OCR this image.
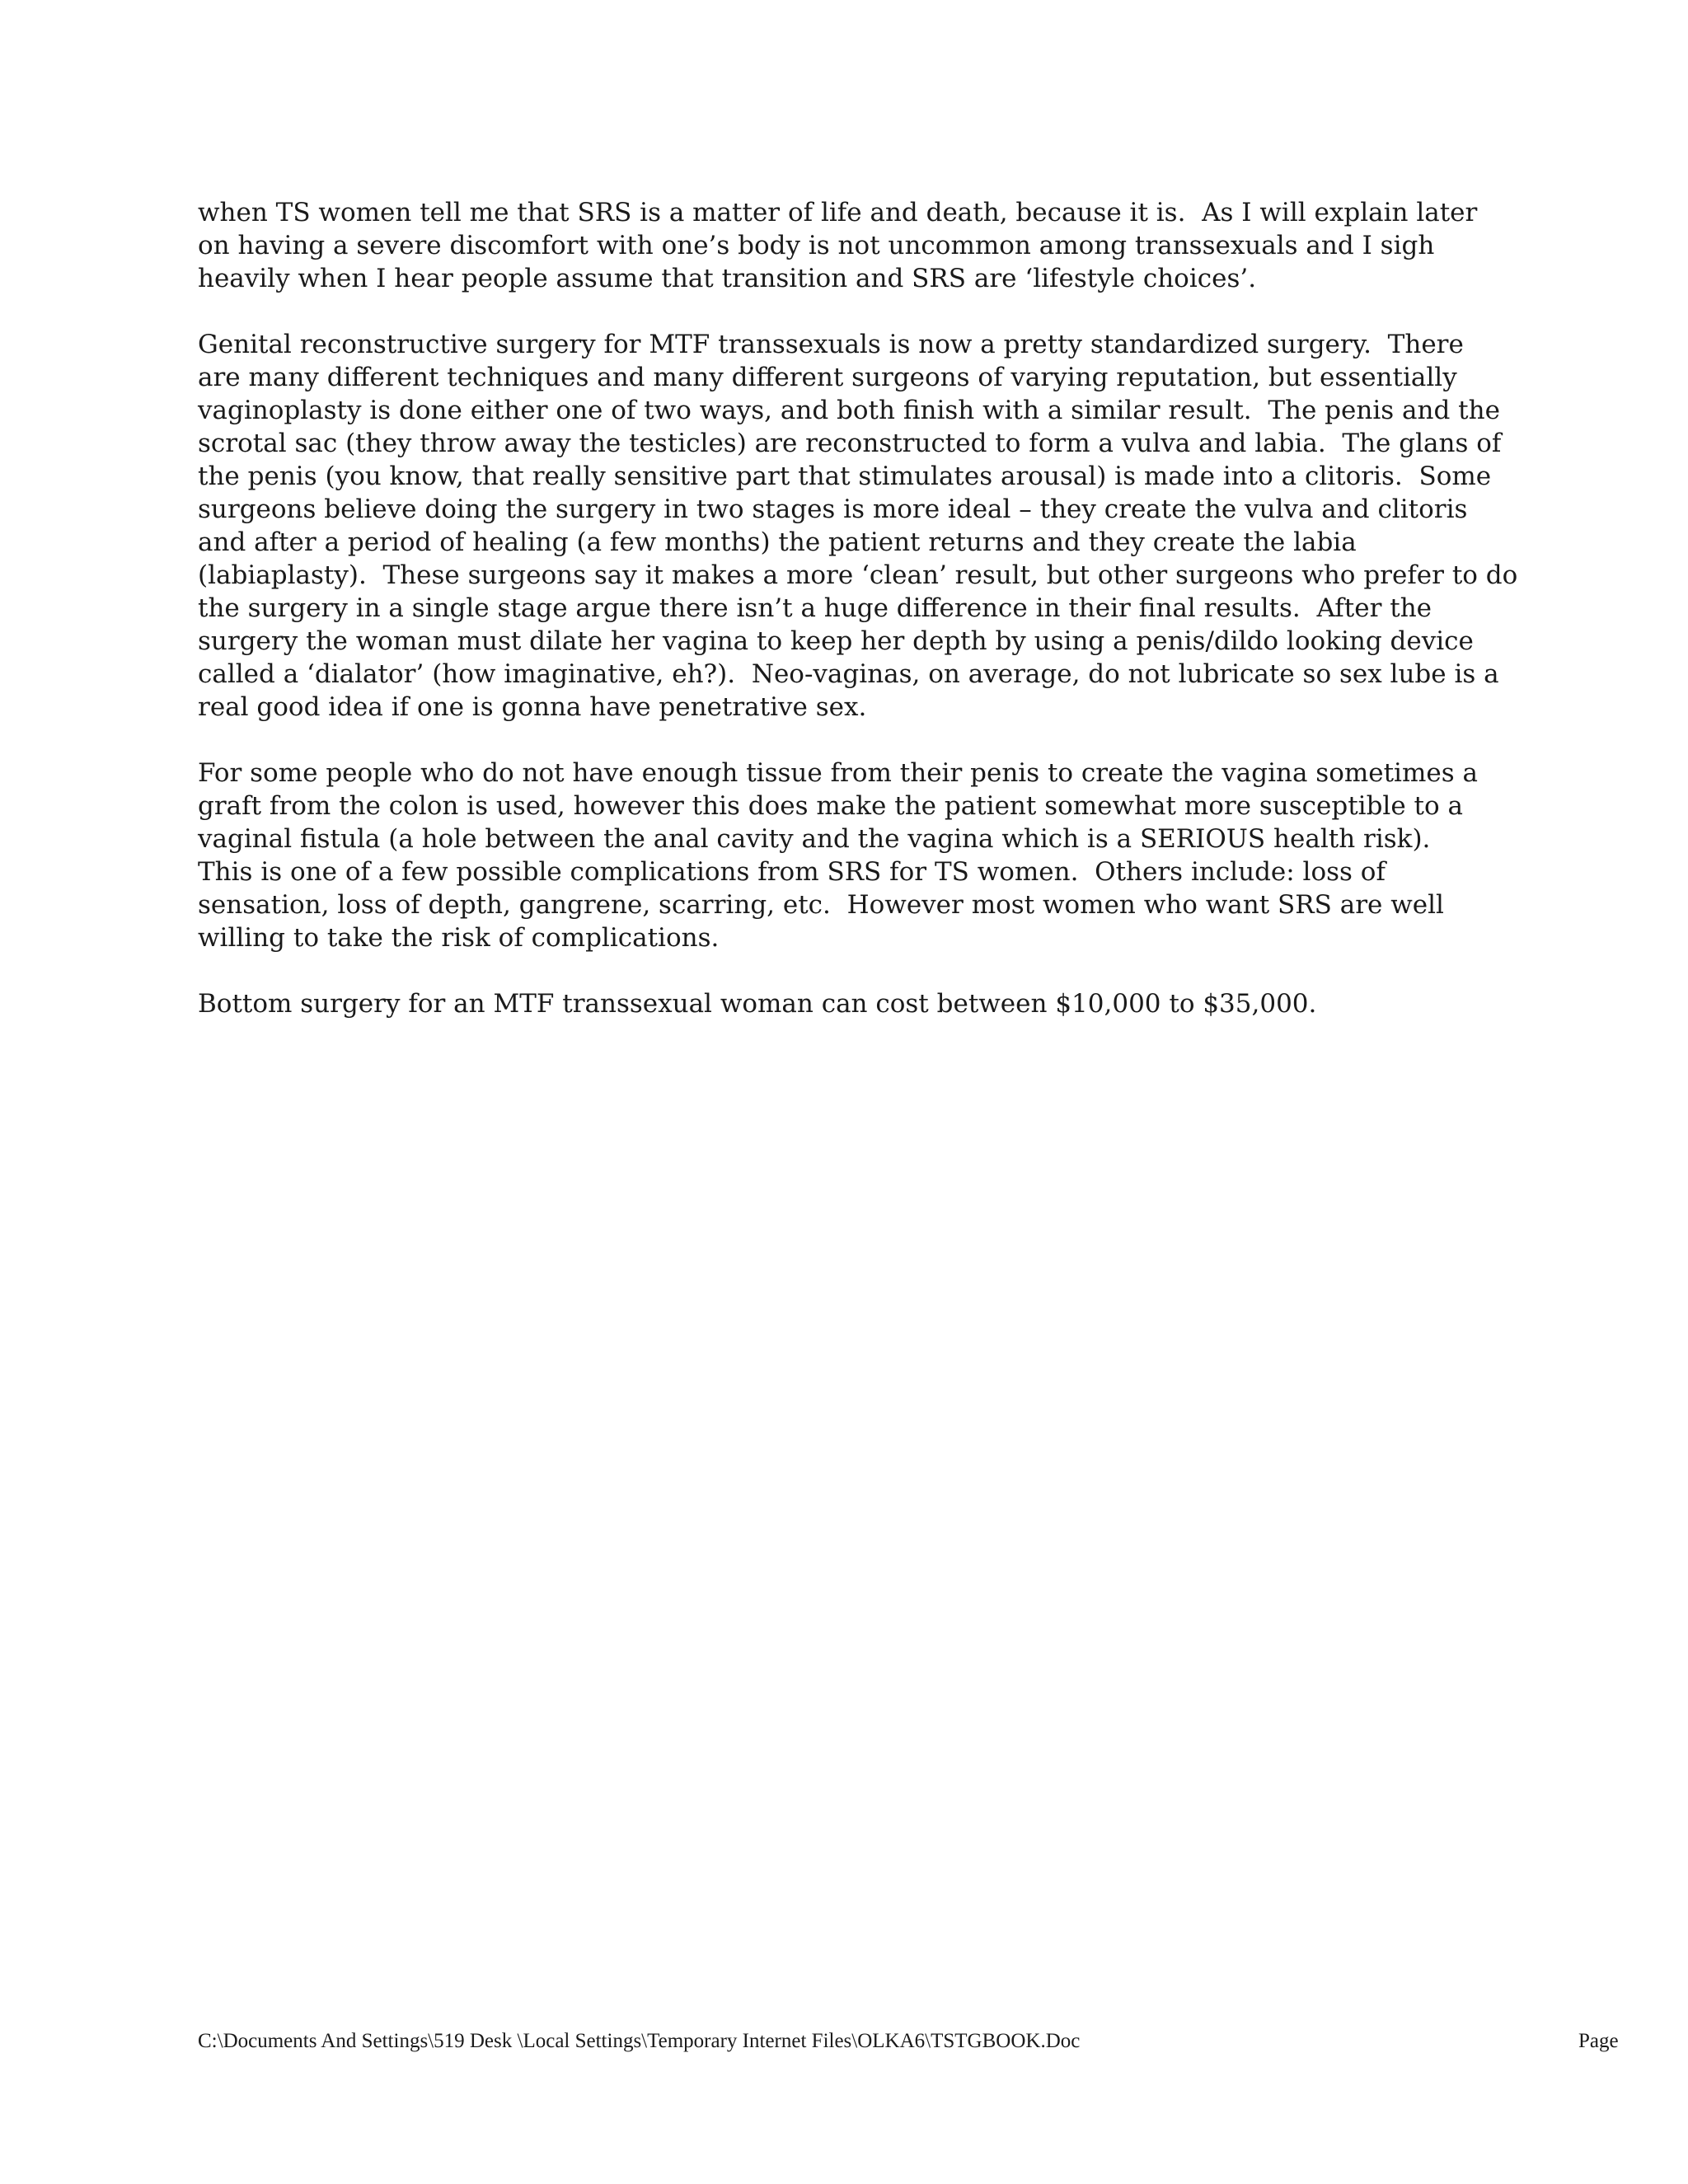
when TS women tell me that SRS is a matter of life and death, because it is.  As I will explain later
on having a severe discomfort with one’s body is not uncommon among transsexuals and I sigh
heavily when I hear people assume that transition and SRS are ‘lifestyle choices’.
Genital reconstructive surgery for MTF transsexuals is now a pretty standardized surgery.  There
are many different techniques and many different surgeons of varying reputation, but essentially
vaginoplasty is done either one of two ways, and both finish with a similar result.  The penis and the
scrotal sac (they throw away the testicles) are reconstructed to form a vulva and labia.  The glans of
the penis (you know, that really sensitive part that stimulates arousal) is made into a clitoris.  Some
surgeons believe doing the surgery in two stages is more ideal – they create the vulva and clitoris
and after a period of healing (a few months) the patient returns and they create the labia
(labiaplasty).  These surgeons say it makes a more ‘clean’ result, but other surgeons who prefer to do
the surgery in a single stage argue there isn’t a huge difference in their final results.  After the
surgery the woman must dilate her vagina to keep her depth by using a penis/dildo looking device
called a ‘dialator’ (how imaginative, eh?).  Neo-vaginas, on average, do not lubricate so sex lube is a
real good idea if one is gonna have penetrative sex.
For some people who do not have enough tissue from their penis to create the vagina sometimes a
graft from the colon is used, however this does make the patient somewhat more susceptible to a
vaginal fistula (a hole between the anal cavity and the vagina which is a SERIOUS health risk).
This is one of a few possible complications from SRS for TS women.  Others include: loss of
sensation, loss of depth, gangrene, scarring, etc.  However most women who want SRS are well
willing to take the risk of complications.
Bottom surgery for an MTF transsexual woman can cost between $10,000 to $35,000.
C:\Documents And Settings\519 Desk \Local Settings\Temporary Internet Files\OLKA6\TSTGBOOK.Doc	Page
